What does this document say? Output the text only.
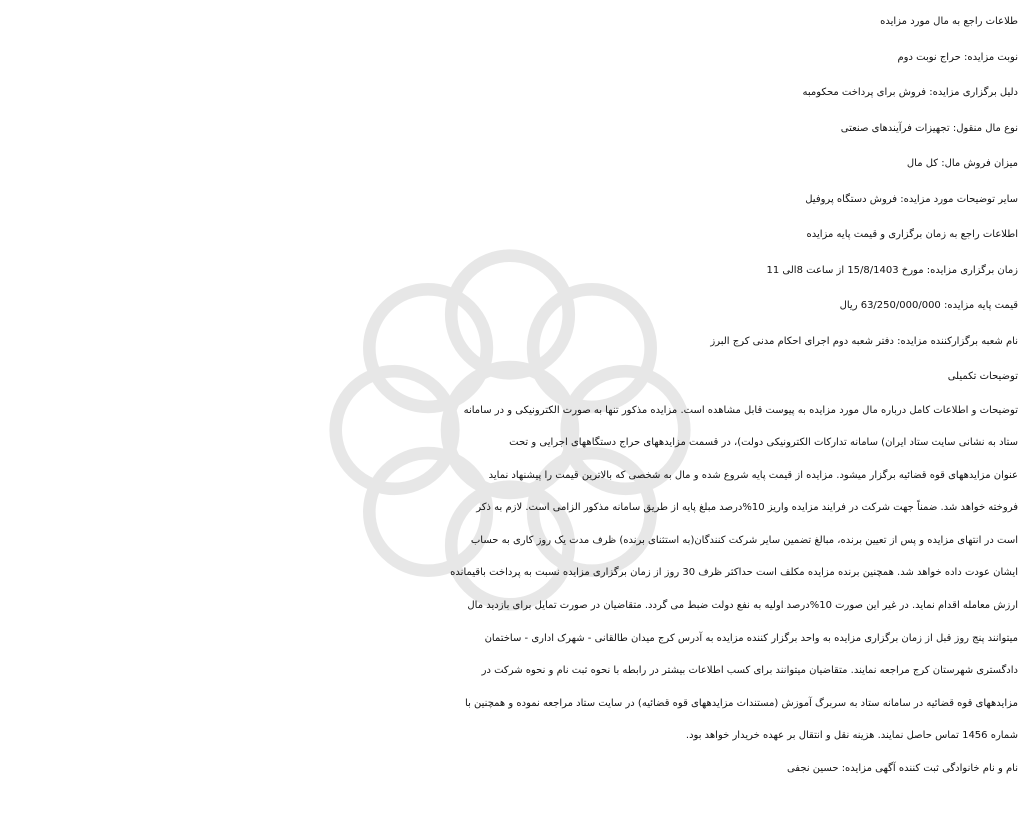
طلاعات راجع به مال مورد مزایده
نوبت مزایده: حراج نوبت دوم
دلیل برگزاری مزایده: فروش برای پرداخت محکومبه
نوع مال منقول: تجهیزات فرآیندهای صنعتی
میزان فروش مال: کل مال
سایر توضیحات مورد مزایده: فروش دستگاه پروفیل
اطلاعات راجع به زمان برگزاری و قیمت پایه مزایده
زمان برگزاری مزایده: مورخ 15/8/1403 از ساعت 8الی 11
قیمت پایه مزایده: 63/250/000/000 ریال
نام شعبه برگزارکننده مزایده: دفتر شعبه دوم اجرای احکام مدنی کرج البرز
توضیحات تکمیلی
توضیحات و اطلاعات کامل درباره مال مورد مزایده به پیوست قابل مشاهده است. مزایده مذکور تنها به صورت الکترونیکی و در سامانه
ستاد به نشانی سایت ستاد ایران) سامانه تدارکات الکترونیکی دولت)، در قسمت مزایدههای حراج دستگاههای اجرایی و تحت
عنوان مزایدههای قوه قضائیه برگزار میشود. مزایده از قیمت پایه شروع شده و مال به شخصی که بالاترین قیمت را پیشنهاد نماید
فروخته خواهد شد. ضمناً جهت شرکت در فرایند مزایده واریز 10%درصد مبلغ پایه از طریق سامانه مذکور الزامی است. لازم به ذکر
است در انتهای مزایده و پس از تعیین برنده، مبالغ تضمین سایر شرکت کنندگان(به استثنای برنده) ظرف مدت یک روز کاری به حساب
ایشان عودت داده خواهد شد. همچنین برنده مزایده مکلف است حداکثر ظرف 30 روز از زمان برگزاری مزایده نسبت به پرداخت باقیمانده
ارزش معامله اقدام نماید. در غیر این صورت 10%درصد اولیه به نفع دولت ضبط می گردد. متقاضیان در صورت تمایل برای بازدید مال
میتوانند پنج روز قبل از زمان برگزاری مزایده به واحد برگزار کننده مزایده به آدرس کرج میدان طالقانی - شهرک اداری - ساختمان
دادگستری شهرستان کرج مراجعه نمایند. متقاضیان میتوانند برای کسب اطلاعات بیشتر در رابطه با نحوه ثبت نام و نحوه شرکت در
مزایدههای قوه قضائیه در سامانه ستاد به سربرگ آموزش (مستندات مزایدههای قوه قضائیه) در سایت ستاد مراجعه نموده و همچنین با
شماره 1456 تماس حاصل نمایند. هزینه نقل و انتقال بر عهده خریدار خواهد بود.
نام و نام خانوادگی ثبت کننده آگهی مزایده: حسین نجفی
